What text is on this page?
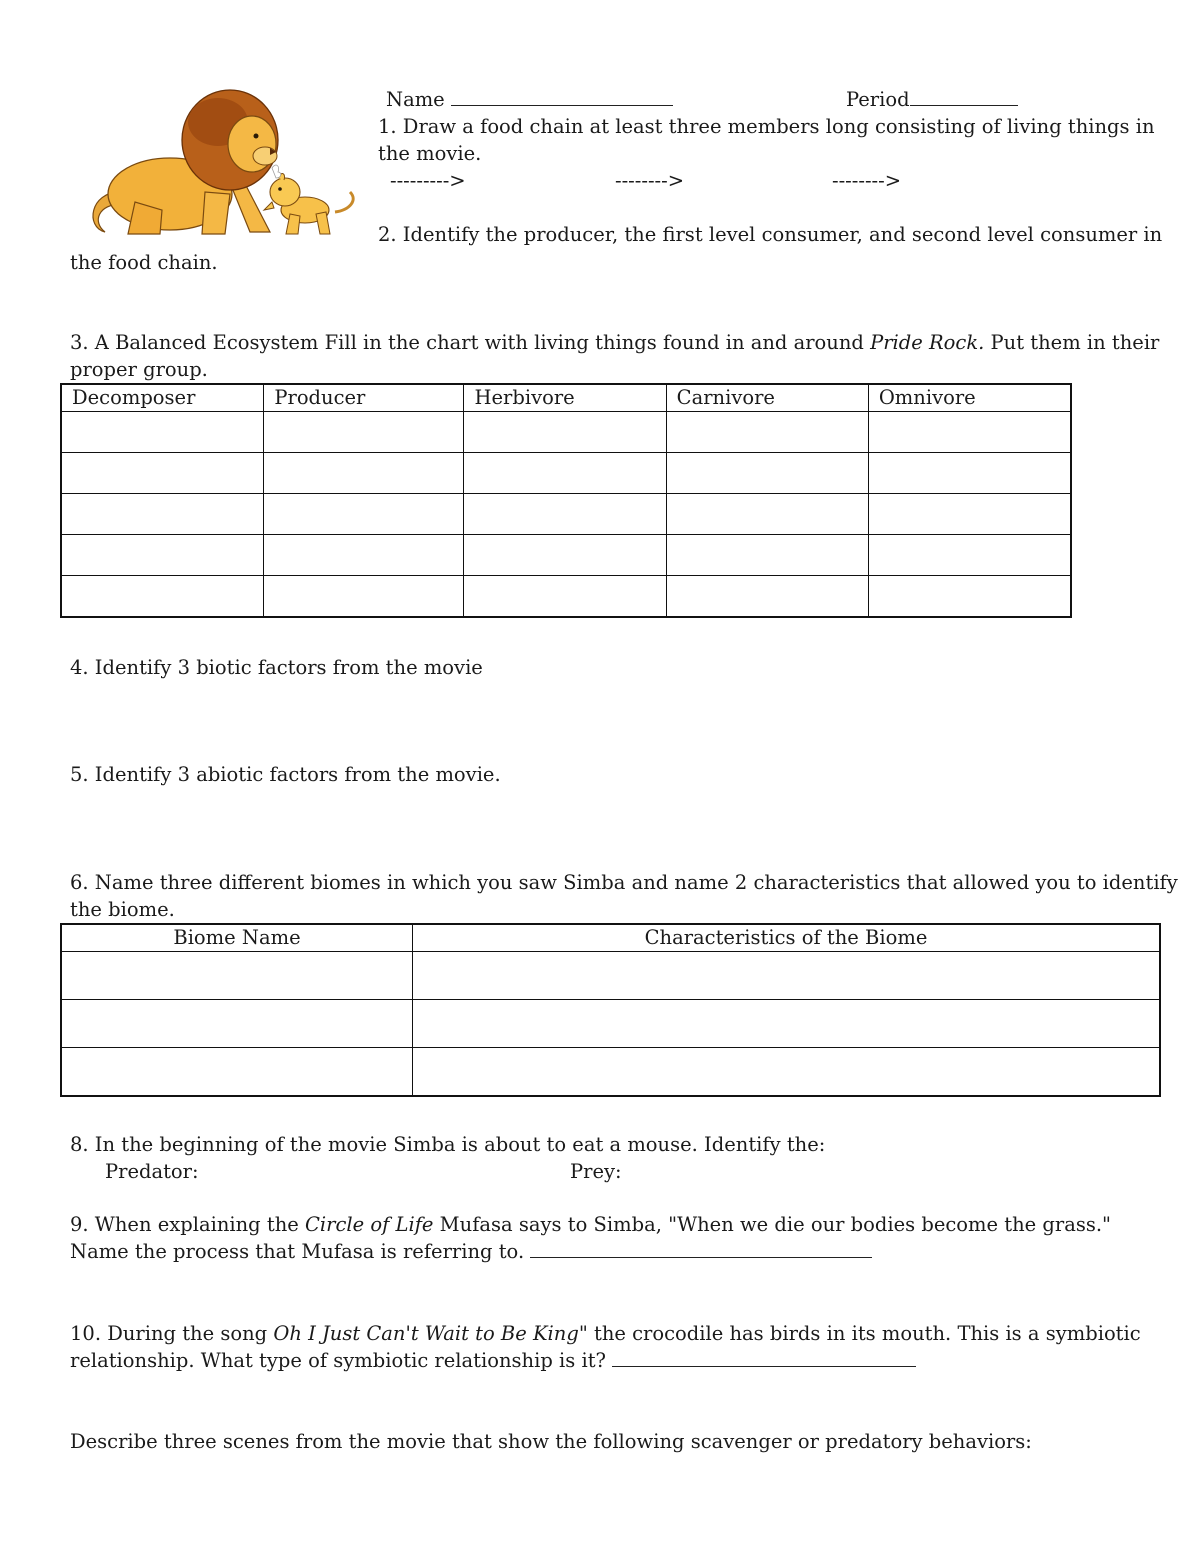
Name	Period
1. Draw a food chain at least three members long consisting of living things in
the movie.
--------->	-------->	-------->
2. Identify the producer, the first level consumer, and second level consumer in
the food chain.
3. A Balanced Ecosystem Fill in the chart with living things found in and around Pride Rock. Put them in their
proper group.
Decomposer	Producer	Herbivore	Carnivore	Omnivore

4. Identify 3 biotic factors from the movie
5. Identify 3 abiotic factors from the movie.
6. Name three different biomes in which you saw Simba and name 2 characteristics that allowed you to identify
the biome.
Biome Name	Characteristics of the Biome

8. In the beginning of the movie Simba is about to eat a mouse. Identify the:
Predator:	Prey:
9. When explaining the Circle of Life Mufasa says to Simba, "When we die our bodies become the grass."
Name the process that Mufasa is referring to.
10. During the song Oh I Just Can't Wait to Be King" the crocodile has birds in its mouth. This is a symbiotic
relationship. What type of symbiotic relationship is it?
Describe three scenes from the movie that show the following scavenger or predatory behaviors:
